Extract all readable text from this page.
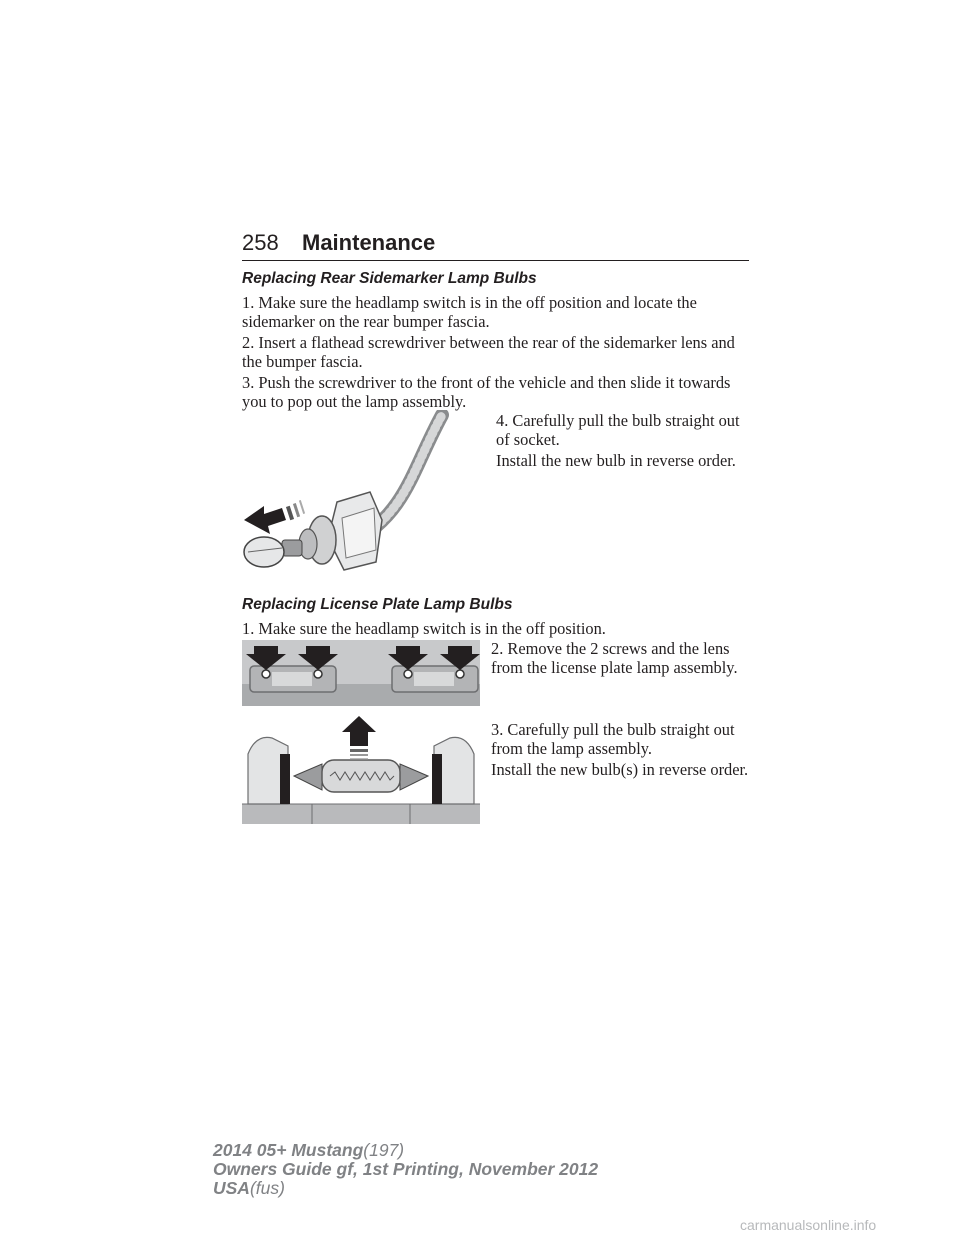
258 Maintenance
Replacing Rear Sidemarker Lamp Bulbs

1. Make sure the headlamp switch is in the off position and locate the sidemarker on the rear bumper fascia.

2. Insert a flathead screwdriver between the rear of the sidemarker lens and the bumper fascia.

3. Push the screwdriver to the front of the vehicle and then slide it towards you to pop out the lamp assembly.

4. Carefully pull the bulb straight out of socket.

Install the new bulb in reverse order.

Replacing License Plate Lamp Bulbs

1. Make sure the headlamp switch is in the off position.

2. Remove the 2 screws and the lens from the license plate lamp assembly.

3. Carefully pull the bulb straight out from the lamp assembly.

Install the new bulb(s) in reverse order.

2014 05+ Mustang(197)
Owners Guide gf, 1st Printing, November 2012
USA(fus)
carmanualsonline.info
